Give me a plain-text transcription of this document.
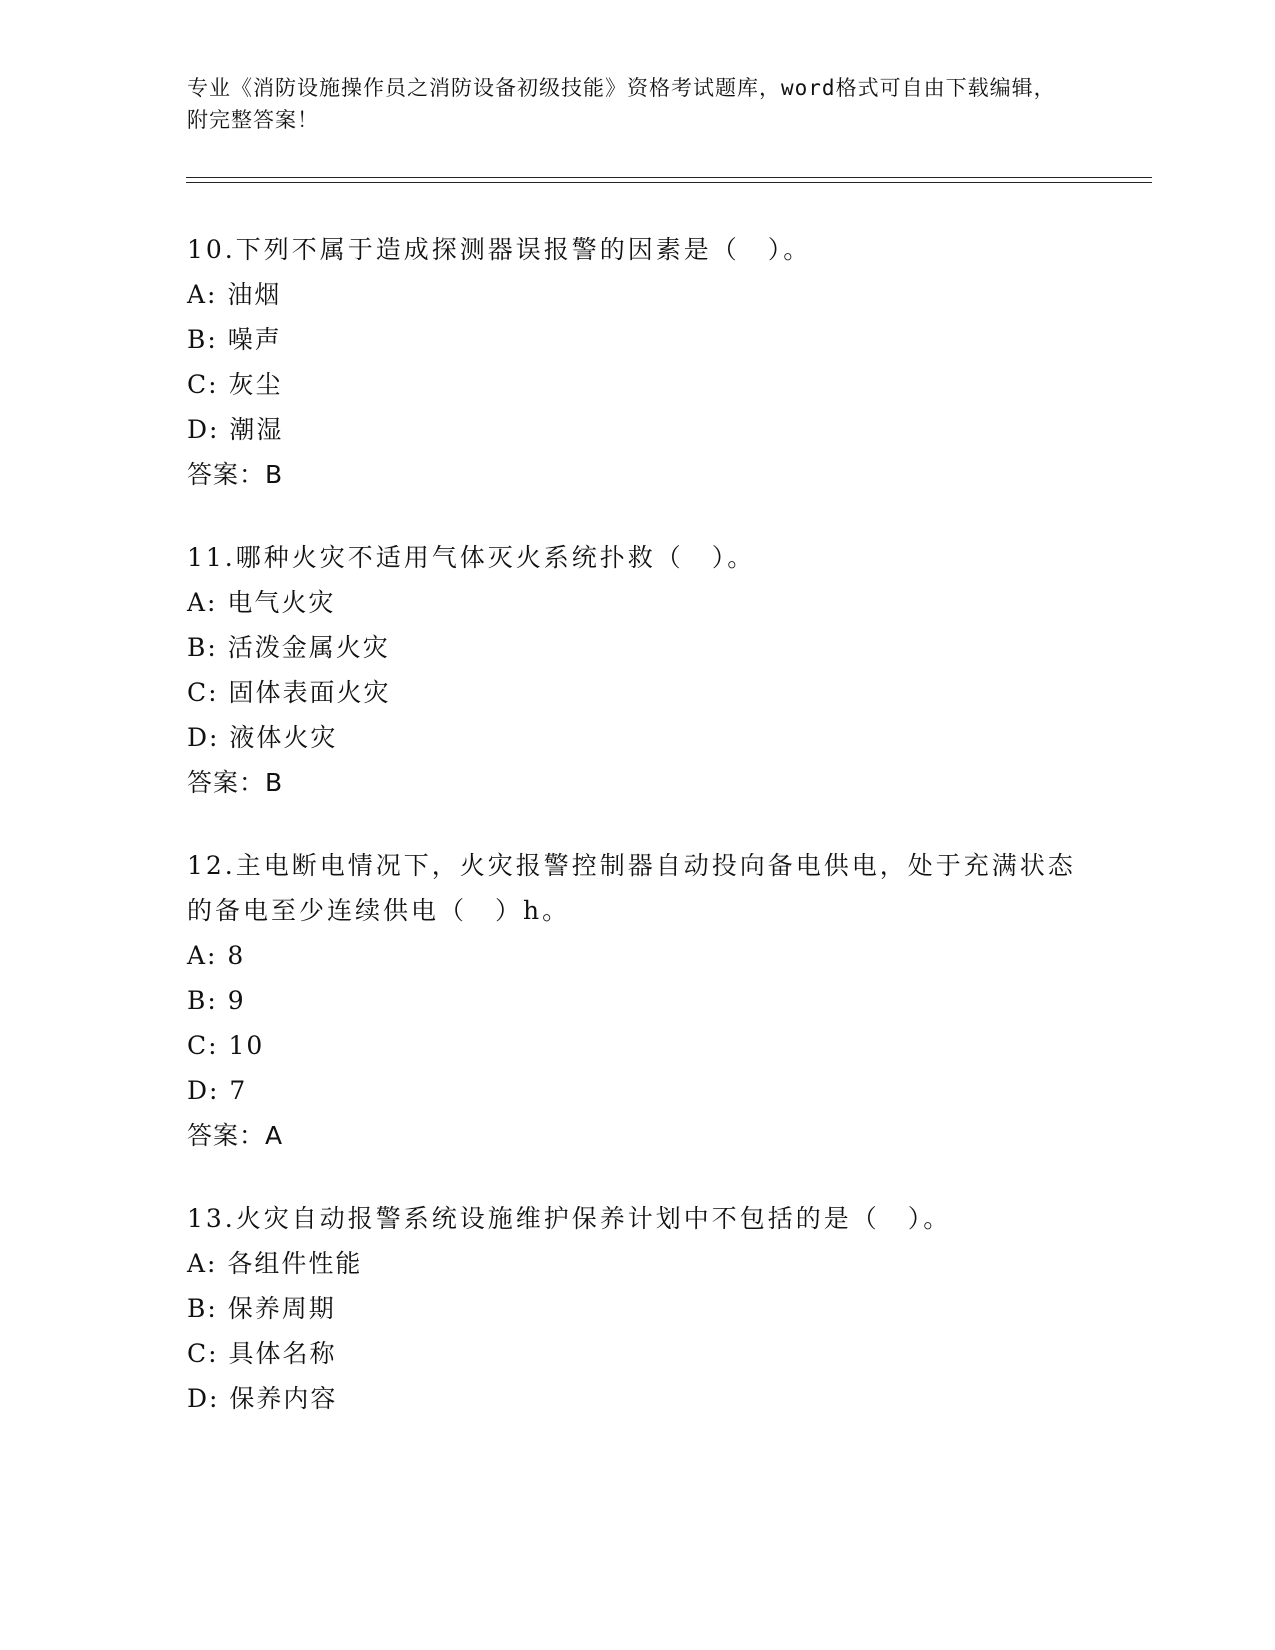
专业《消防设施操作员之消防设备初级技能》资格考试题库，word格式可自由下载编辑，附完整答案！
10.下列不属于造成探测器误报警的因素是（　）。
A: 油烟
B: 噪声
C: 灰尘
D: 潮湿
答案：B
11.哪种火灾不适用气体灭火系统扑救（　）。
A: 电气火灾
B: 活泼金属火灾
C: 固体表面火灾
D: 液体火灾
答案：B
12.主电断电情况下，火灾报警控制器自动投向备电供电，处于充满状态的备电至少连续供电（　）h。
A: 8
B: 9
C: 10
D: 7
答案：A
13.火灾自动报警系统设施维护保养计划中不包括的是（　）。
A: 各组件性能
B: 保养周期
C: 具体名称
D: 保养内容
